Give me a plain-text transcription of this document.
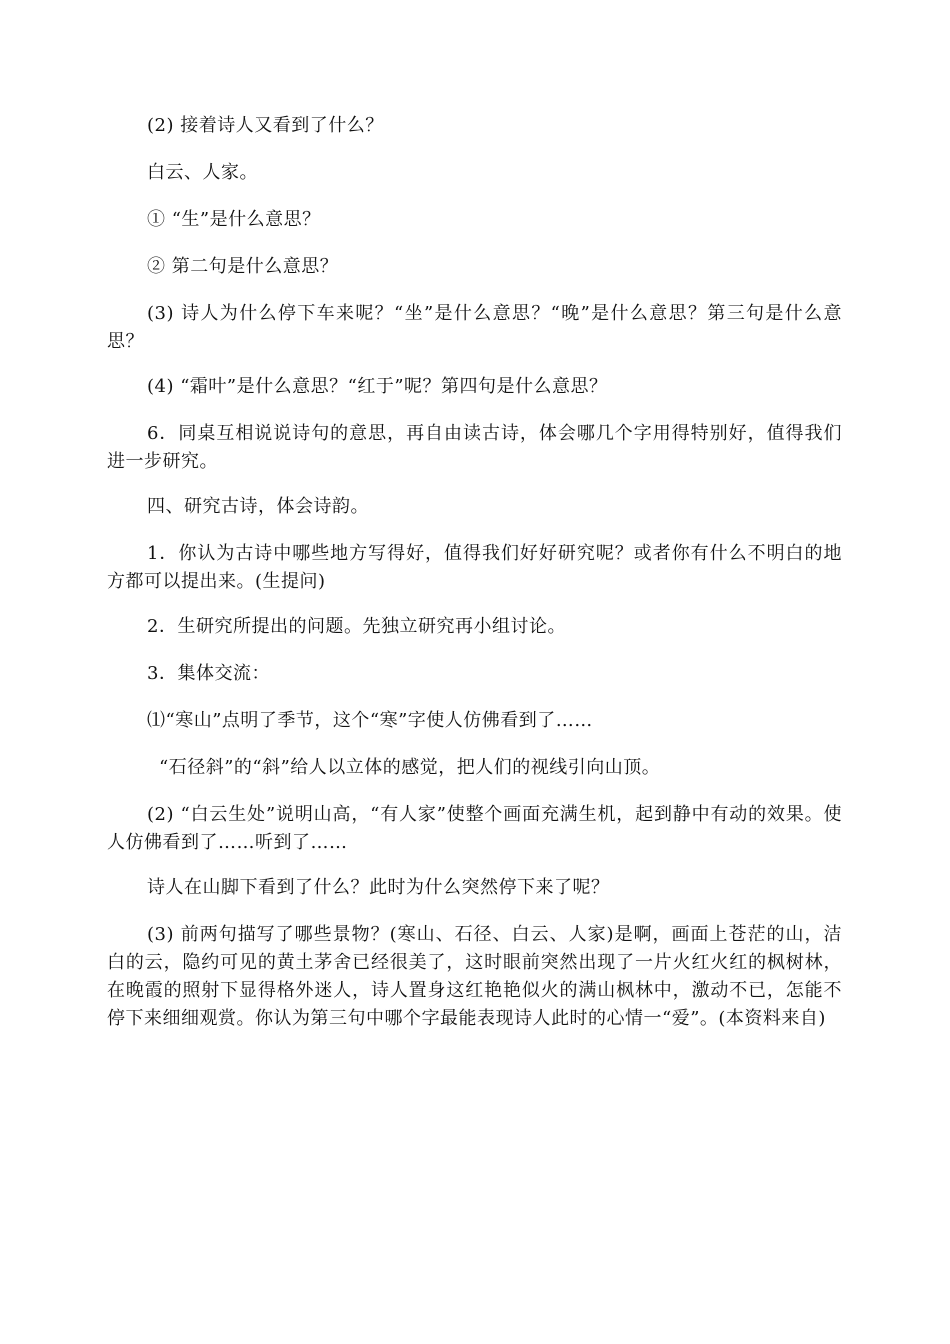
(2) 接着诗人又看到了什么？

白云、人家。

① “生”是什么意思？

② 第二句是什么意思？

(3) 诗人为什么停下车来呢？“坐”是什么意思？“晚”是什么意思？第三句是什么意思？

(4) “霜叶”是什么意思？“红于”呢？第四句是什么意思？

6．同桌互相说说诗句的意思，再自由读古诗，体会哪几个字用得特别好，值得我们进一步研究。

四、研究古诗，体会诗韵。

1．你认为古诗中哪些地方写得好，值得我们好好研究呢？或者你有什么不明白的地方都可以提出来。(生提问)

2．生研究所提出的问题。先独立研究再小组讨论。

3．集体交流：

⑴“寒山”点明了季节，这个“寒”字使人仿佛看到了……

“石径斜”的“斜”给人以立体的感觉，把人们的视线引向山顶。

(2) “白云生处”说明山高，“有人家”使整个画面充满生机，起到静中有动的效果。使人仿佛看到了……听到了……

诗人在山脚下看到了什么？此时为什么突然停下来了呢？

(3) 前两句描写了哪些景物？(寒山、石径、白云、人家)是啊，画面上苍茫的山，洁白的云，隐约可见的黄土茅舍已经很美了，这时眼前突然出现了一片火红火红的枫树林，在晚霞的照射下显得格外迷人，诗人置身这红艳艳似火的满山枫林中，激动不已，怎能不停下来细细观赏。你认为第三句中哪个字最能表现诗人此时的心情一“爱”。(本资料来自)
